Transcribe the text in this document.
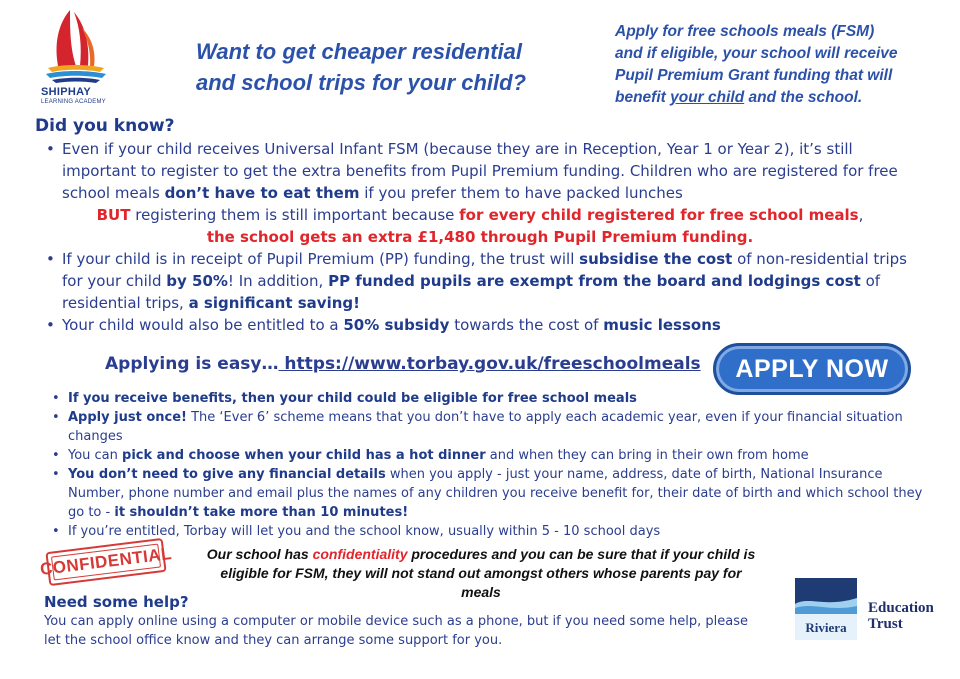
SHIPHAY
LEARNING ACADEMY
Want to get cheaper residential
and school trips for your child?
Apply for free schools meals (FSM)
and if eligible, your school will receive
Pupil Premium Grant funding that will
benefit your child and the school.
Did you know?
• Even if your child receives Universal Infant FSM (because they are in Reception, Year 1 or Year 2), it’s still important to register to get the extra benefits from Pupil Premium funding. Children who are registered for free school meals don’t have to eat them if you prefer them to have packed lunches
BUT registering them is still important because for every child registered for free school meals,
the school gets an extra £1,480 through Pupil Premium funding.
• If your child is in receipt of Pupil Premium (PP) funding, the trust will subsidise the cost of non-residential trips for your child by 50%! In addition, PP funded pupils are exempt from the board and lodgings cost of residential trips, a significant saving!
• Your child would also be entitled to a 50% subsidy towards the cost of music lessons
Applying is easy… https://www.torbay.gov.uk/freeschoolmeals	APPLY NOW
• If you receive benefits, then your child could be eligible for free school meals
• Apply just once! The ‘Ever 6’ scheme means that you don’t have to apply each academic year, even if your financial situation changes
• You can pick and choose when your child has a hot dinner and when they can bring in their own from home
• You don’t need to give any financial details when you apply - just your name, address, date of birth, National Insurance Number, phone number and email plus the names of any children you receive benefit for, their date of birth and which school they go to - it shouldn’t take more than 10 minutes!
• If you’re entitled, Torbay will let you and the school know, usually within 5 - 10 school days
CONFIDENTIAL Our school has confidentiality procedures and you can be sure that if your child is eligible for FSM, they will not stand out amongst others whose parents pay for meals
Need some help?
You can apply online using a computer or mobile device such as a phone, but if you need some help, please let the school office know and they can arrange some support for you.
Riviera
Education
Trust
